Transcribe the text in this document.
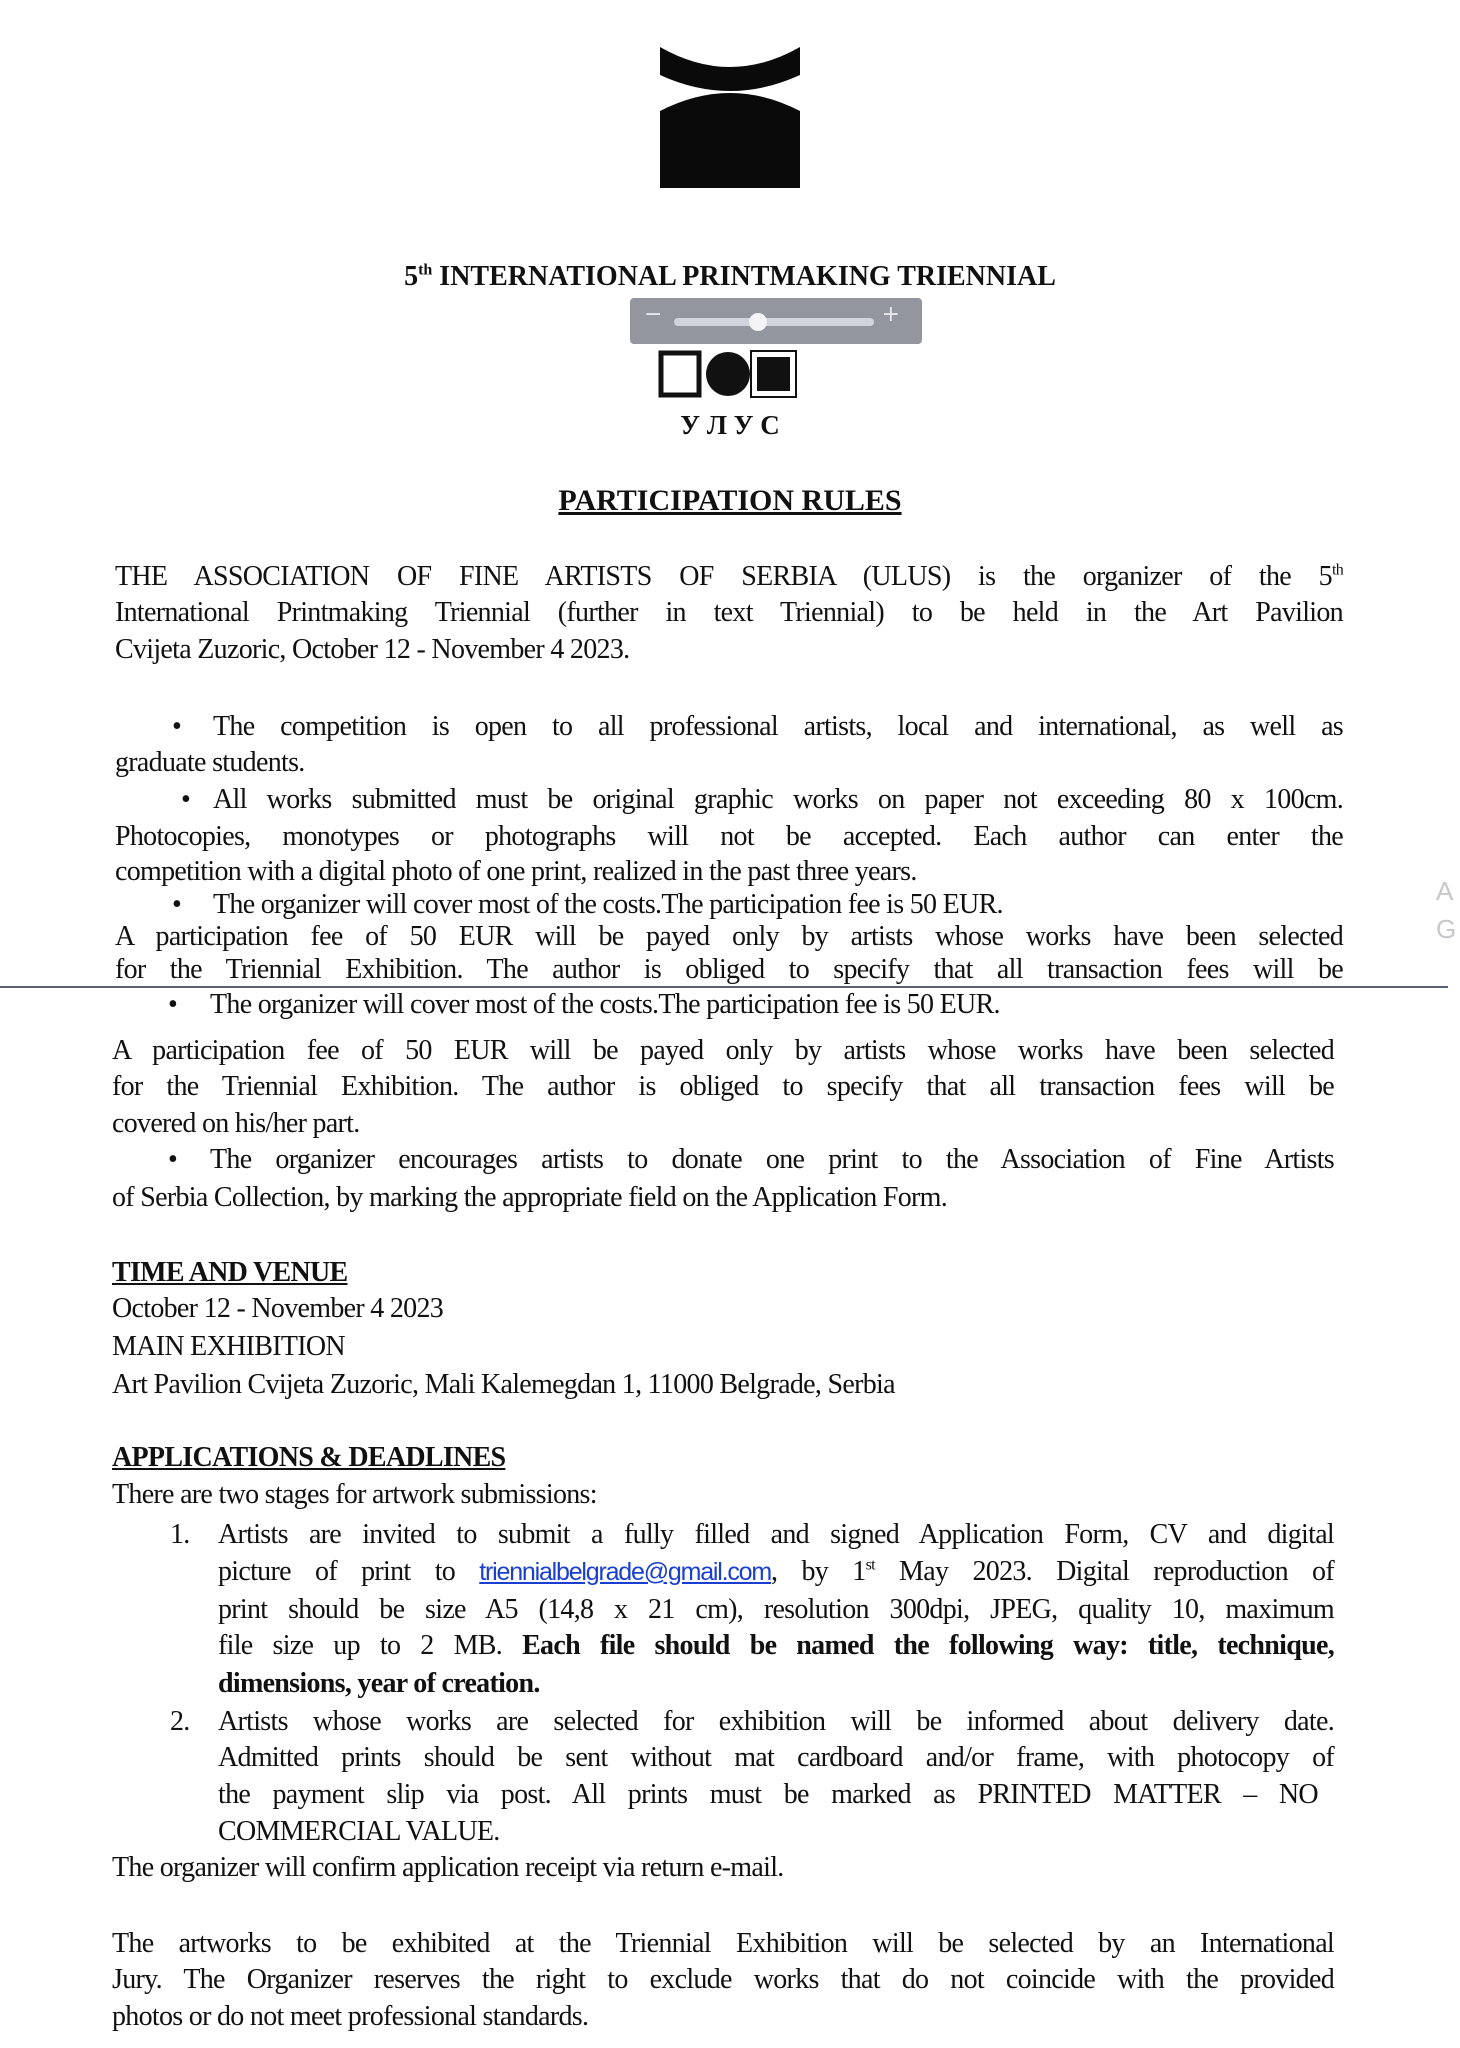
5th INTERNATIONAL PRINTMAKING TRIENNIAL
У Л У С
PARTICIPATION RULES
THE ASSOCIATION OF FINE ARTISTS OF SERBIA (ULUS) is the organizer of the 5th
International Printmaking Triennial (further in text Triennial) to be held in the Art Pavilion
Cvijeta Zuzoric, October 12 - November 4 2023.
• The competition is open to all professional artists, local and international, as well as
graduate students.
• All works submitted must be original graphic works on paper not exceeding 80 x 100cm.
Photocopies, monotypes or photographs will not be accepted. Each author can enter the
competition with a digital photo of one print, realized in the past three years.
• The organizer will cover most of the costs.The participation fee is 50 EUR.
A participation fee of 50 EUR will be payed only by artists whose works have been selected
for the Triennial Exhibition. The author is obliged to specify that all transaction fees will be
−	+
A
G
• The organizer will cover most of the costs.The participation fee is 50 EUR.
A participation fee of 50 EUR will be payed only by artists whose works have been selected
for the Triennial Exhibition. The author is obliged to specify that all transaction fees will be
covered on his/her part.
• The organizer encourages artists to donate one print to the Association of Fine Artists
of Serbia Collection, by marking the appropriate field on the Application Form.
TIME AND VENUE
October 12 - November 4 2023
MAIN EXHIBITION
Art Pavilion Cvijeta Zuzoric, Mali Kalemegdan 1, 11000 Belgrade, Serbia
APPLICATIONS & DEADLINES
There are two stages for artwork submissions:
1. Artists are invited to submit a fully filled and signed Application Form, CV and digital
picture of print to triennialbelgrade@gmail.com, by 1st May 2023. Digital reproduction of
print should be size A5 (14,8 x 21 cm), resolution 300dpi, JPEG, quality 10, maximum
file size up to 2 MB. Each file should be named the following way: title, technique,
dimensions, year of creation.
2. Artists whose works are selected for exhibition will be informed about delivery date.
Admitted prints should be sent without mat cardboard and/or frame, with photocopy of
the payment slip via post. All prints must be marked as PRINTED MATTER – NO
COMMERCIAL VALUE.
The organizer will confirm application receipt via return e-mail.
The artworks to be exhibited at the Triennial Exhibition will be selected by an International
Jury. The Organizer reserves the right to exclude works that do not coincide with the provided
photos or do not meet professional standards.
